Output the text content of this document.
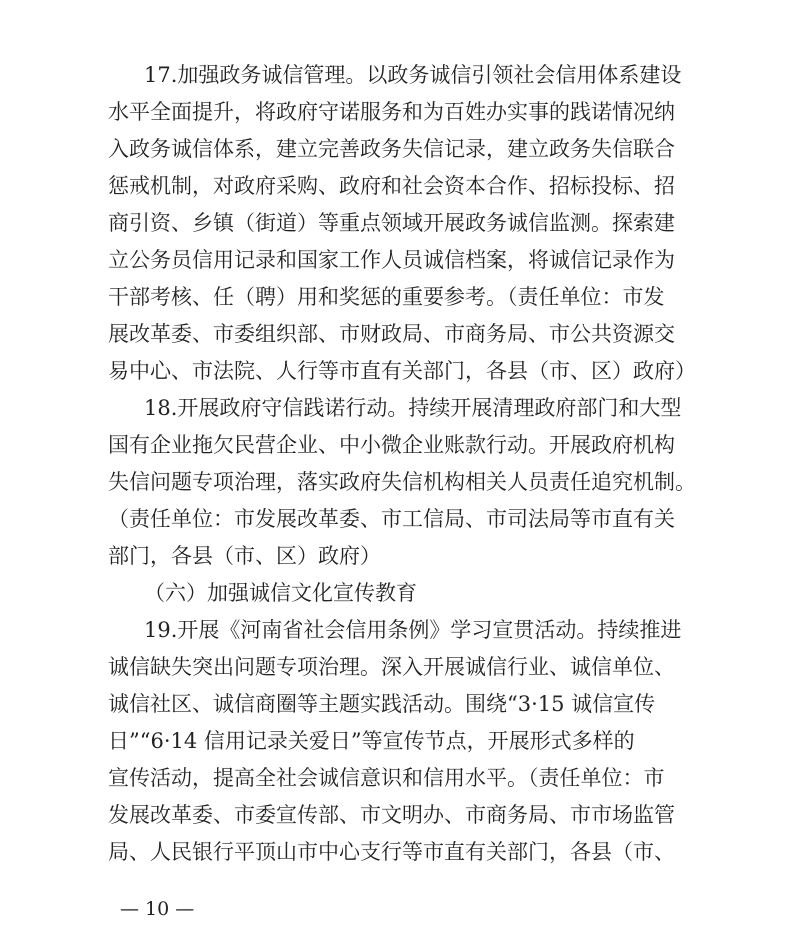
17.加强政务诚信管理。以政务诚信引领社会信用体系建设
水平全面提升，将政府守诺服务和为百姓办实事的践诺情况纳
入政务诚信体系，建立完善政务失信记录，建立政务失信联合
惩戒机制，对政府采购、政府和社会资本合作、招标投标、招
商引资、乡镇（街道）等重点领域开展政务诚信监测。探索建
立公务员信用记录和国家工作人员诚信档案，将诚信记录作为
干部考核、任（聘）用和奖惩的重要参考。（责任单位：市发
展改革委、市委组织部、市财政局、市商务局、市公共资源交
易中心、市法院、人行等市直有关部门，各县（市、区）政府）
18.开展政府守信践诺行动。持续开展清理政府部门和大型
国有企业拖欠民营企业、中小微企业账款行动。开展政府机构
失信问题专项治理，落实政府失信机构相关人员责任追究机制。
（责任单位：市发展改革委、市工信局、市司法局等市直有关
部门，各县（市、区）政府）
（六）加强诚信文化宣传教育
19.开展《河南省社会信用条例》学习宣贯活动。持续推进
诚信缺失突出问题专项治理。深入开展诚信行业、诚信单位、
诚信社区、诚信商圈等主题实践活动。围绕“3·15 诚信宣传
日”“6·14 信用记录关爱日”等宣传节点，开展形式多样的
宣传活动，提高全社会诚信意识和信用水平。（责任单位：市
发展改革委、市委宣传部、市文明办、市商务局、市市场监管
局、人民银行平顶山市中心支行等市直有关部门，各县（市、
— 10 —
